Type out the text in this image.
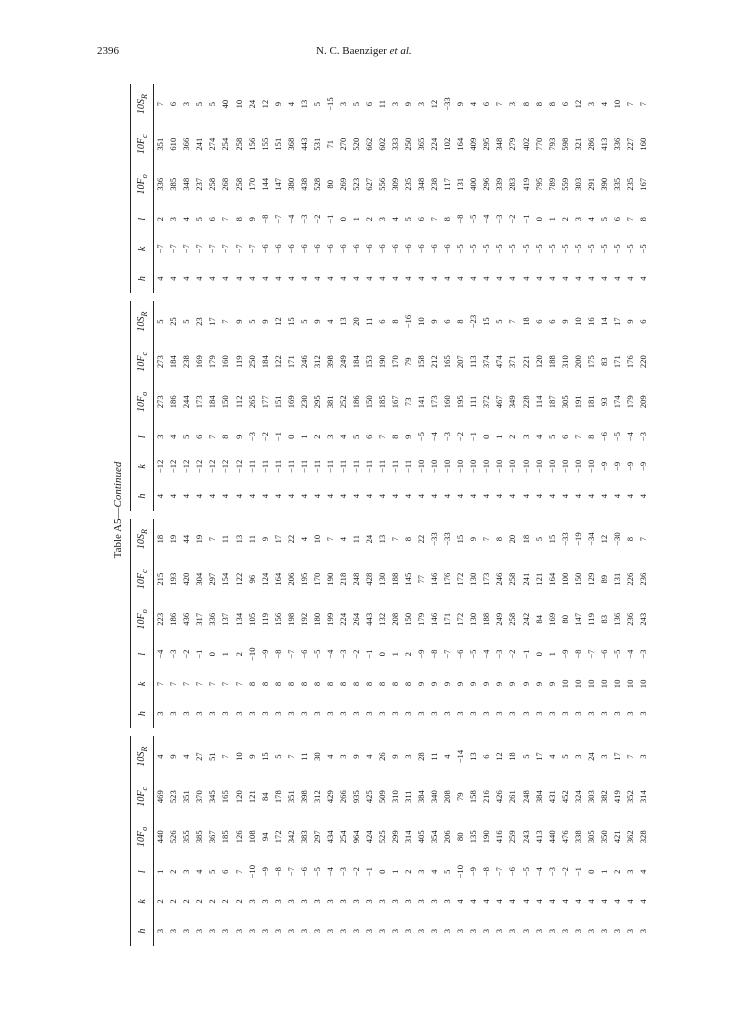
2396	N. C. Baenziger et al.
Table A5—Continued
h
k
l
$10F_o$
$10F_c$
$10S_R$
3
2
1
440
469
4
3
2
2
526
523
9
3
2
3
355
351
4
3
2
4
385
370
27
3
2
5
367
345
51
3
2
6
185
165
7
3
2
7
126
120
10
3
3
−10
108
121
9
3
3
−9
94
84
15
3
3
−8
172
178
5
3
3
−7
342
351
7
3
3
−6
383
398
11
3
3
−5
297
312
30
3
3
−4
434
429
4
3
3
−3
254
266
3
3
3
−2
964
935
9
3
3
−1
424
425
4
3
3
0
525
509
26
3
3
1
299
310
9
3
3
2
314
311
3
3
3
3
405
384
28
3
3
4
354
340
11
3
3
5
206
208
4
3
4
−10
80
79
−14
3
4
−9
135
158
13
3
4
−8
190
216
6
3
4
−7
416
426
12
3
4
−6
259
261
18
3
4
−5
243
248
5
3
4
−4
413
384
17
3
4
−3
440
431
4
3
4
−2
476
452
5
3
4
−1
338
324
3
3
4
0
305
303
24
3
4
1
350
382
3
3
4
2
421
419
17
3
4
3
362
352
7
3
4
4
328
314
3
h
k
l
$10F_o$
$10F_c$
$10S_R$
3
7
−4
223
215
18
3
7
−3
186
193
19
3
7
−2
436
420
44
3
7
−1
317
304
19
3
7
0
336
297
7
3
7
1
137
154
11
3
7
2
134
122
13
3
8
−10
105
96
11
3
8
−9
119
124
9
3
8
−8
156
164
17
3
8
−7
198
206
22
3
8
−6
192
195
4
3
8
−5
180
170
10
3
8
−4
199
190
7
3
8
−3
224
218
4
3
8
−2
264
248
11
3
8
−1
443
428
24
3
8
0
132
130
13
3
8
1
208
188
7
3
8
2
150
145
8
3
9
−9
179
77
22
3
9
−8
146
146
−33
3
9
−7
171
176
−33
3
9
−6
172
172
15
3
9
−5
130
130
9
3
9
−4
188
173
7
3
9
−3
249
246
8
3
9
−2
258
258
20
3
9
−1
242
241
18
3
9
0
84
121
5
3
9
1
169
164
15
3
10
−9
80
100
−33
3
10
−8
147
150
−19
3
10
−7
119
129
−34
3
10
−6
83
89
12
3
10
−5
136
131
−30
3
10
−4
236
226
8
3
10
−3
243
236
7
h
k
l
$10F_o$
$10F_c$
$10S_R$
4
−12
3
273
273
5
4
−12
4
186
184
25
4
−12
5
244
238
5
4
−12
6
173
169
23
4
−12
7
184
179
17
4
−12
8
150
160
7
4
−12
9
112
119
9
4
−11
−3
265
250
5
4
−11
−2
177
184
9
4
−11
−1
151
122
12
4
−11
0
169
171
15
4
−11
1
230
246
5
4
−11
2
295
312
9
4
−11
3
381
398
4
4
−11
4
252
249
13
4
−11
5
186
184
20
4
−11
6
150
153
11
4
−11
7
185
190
6
4
−11
8
167
170
8
4
−11
9
73
79
−16
4
−10
−5
141
158
10
4
−10
−4
173
212
9
4
−10
−3
160
165
6
4
−10
−2
195
207
8
4
−10
−1
111
113
−23
4
−10
0
372
374
15
4
−10
1
467
474
5
4
−10
2
349
371
7
4
−10
3
228
221
18
4
−10
4
114
120
6
4
−10
5
187
188
6
4
−10
6
305
310
9
4
−10
7
191
200
10
4
−10
8
181
175
16
4
−9
−6
93
83
14
4
−9
−5
174
171
17
4
−9
−4
179
176
9
4
−9
−3
209
220
6
h
k
l
$10F_o$
$10F_c$
$10S_R$
4
−7
2
336
351
7
4
−7
3
385
610
6
4
−7
4
348
366
3
4
−7
5
237
241
5
4
−7
6
258
274
5
4
−7
7
268
254
40
4
−7
8
258
258
10
4
−7
9
170
156
24
4
−6
−8
144
155
12
4
−6
−7
147
151
9
4
−6
−4
380
368
4
4
−6
−3
438
443
13
4
−6
−2
528
531
5
4
−6
−1
80
71
−15
4
−6
0
269
270
3
4
−6
1
523
520
5
4
−6
2
627
662
6
4
−6
3
556
602
11
4
−6
4
309
333
3
4
−6
5
235
250
9
4
−6
6
348
365
3
4
−6
7
238
224
12
4
−6
8
117
102
−33
4
−5
−8
131
164
9
4
−5
−5
400
409
4
4
−5
−4
296
295
6
4
−5
−3
339
348
7
4
−5
−2
283
279
3
4
−5
−1
419
402
8
4
−5
0
795
770
8
4
−5
1
789
793
8
4
−5
2
559
598
6
4
−5
3
303
321
12
4
−5
4
291
286
3
4
−5
5
390
413
4
4
−5
6
335
336
10
4
−5
7
235
227
7
4
−5
8
167
160
7
